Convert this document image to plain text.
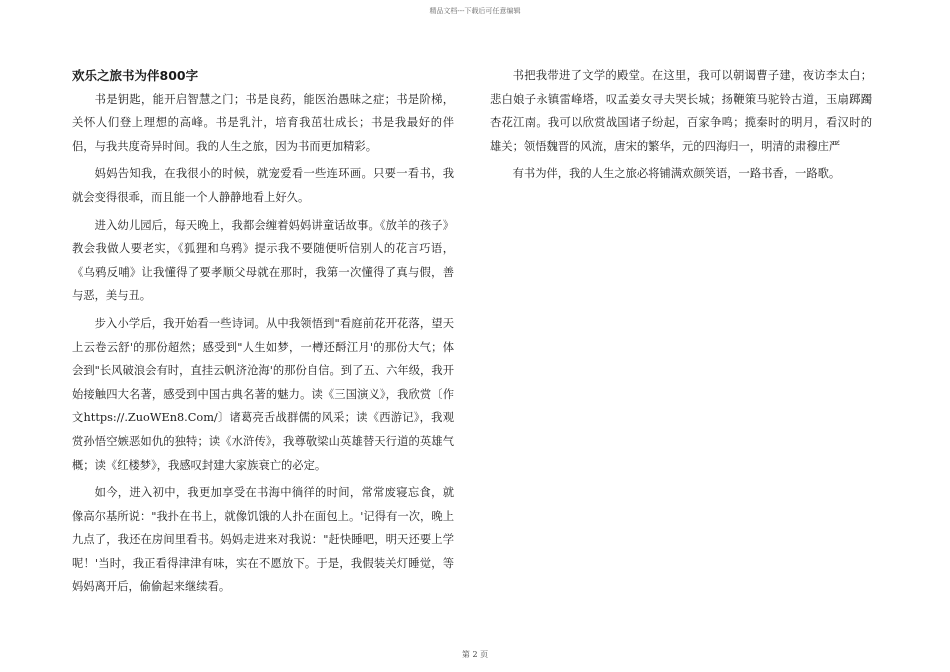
精品文档---下载后可任意编辑
欢乐之旅书为伴800字

书是钥匙，能开启智慧之门；书是良药，能医治愚昧之症；书是阶梯，关怀人们登上理想的高峰。书是乳汁，培育我茁壮成长；书是我最好的伴侣，与我共度奇异时间。我的人生之旅，因为书而更加精彩。

妈妈告知我，在我很小的时候，就宠爱看一些连环画。只要一看书，我就会变得很乖，而且能一个人静静地看上好久。

进入幼儿园后，每天晚上，我都会缠着妈妈讲童话故事。《放羊的孩子》教会我做人要老实，《狐狸和乌鸦》提示我不要随便听信别人的花言巧语，《乌鸦反哺》让我懂得了要孝顺父母就在那时，我第一次懂得了真与假，善与恶，美与丑。

步入小学后，我开始看一些诗词。从中我领悟到"看庭前花开花落，望天上云卷云舒'的那份超然；感受到"人生如梦，一樽还酹江月'的那份大气；体会到"长风破浪会有时，直挂云帆济沧海'的那份自信。到了五、六年级，我开始接触四大名著，感受到中国古典名著的魅力。读《三国演义》，我欣赏〔作文https://.ZuoWEn8.Com/〕诸葛亮舌战群儒的风采；读《西游记》，我观赏孙悟空嫉恶如仇的独特；读《水浒传》，我尊敬梁山英雄替天行道的英雄气概；读《红楼梦》，我感叹封建大家族衰亡的必定。

如今，进入初中，我更加享受在书海中徜徉的时间，常常废寝忘食，就像高尔基所说："我扑在书上，就像饥饿的人扑在面包上。'记得有一次，晚上九点了，我还在房间里看书。妈妈走进来对我说："赶快睡吧，明天还要上学呢！'当时，我正看得津津有味，实在不愿放下。于是，我假装关灯睡觉，等妈妈离开后，偷偷起来继续看。

书把我带进了文学的殿堂。在这里，我可以朝谒曹子建，夜访李太白；悲白娘子永镇雷峰塔，叹孟姜女寻夫哭长城；扬鞭策马驼铃古道，玉扇踯躅杏花江南。我可以欣赏战国诸子纷起，百家争鸣；揽秦时的明月，看汉时的雄关；领悟魏晋的风流，唐宋的繁华，元的四海归一，明清的肃穆庄严

有书为伴，我的人生之旅必将铺满欢颜笑语，一路书香，一路歌。

第 2 页
